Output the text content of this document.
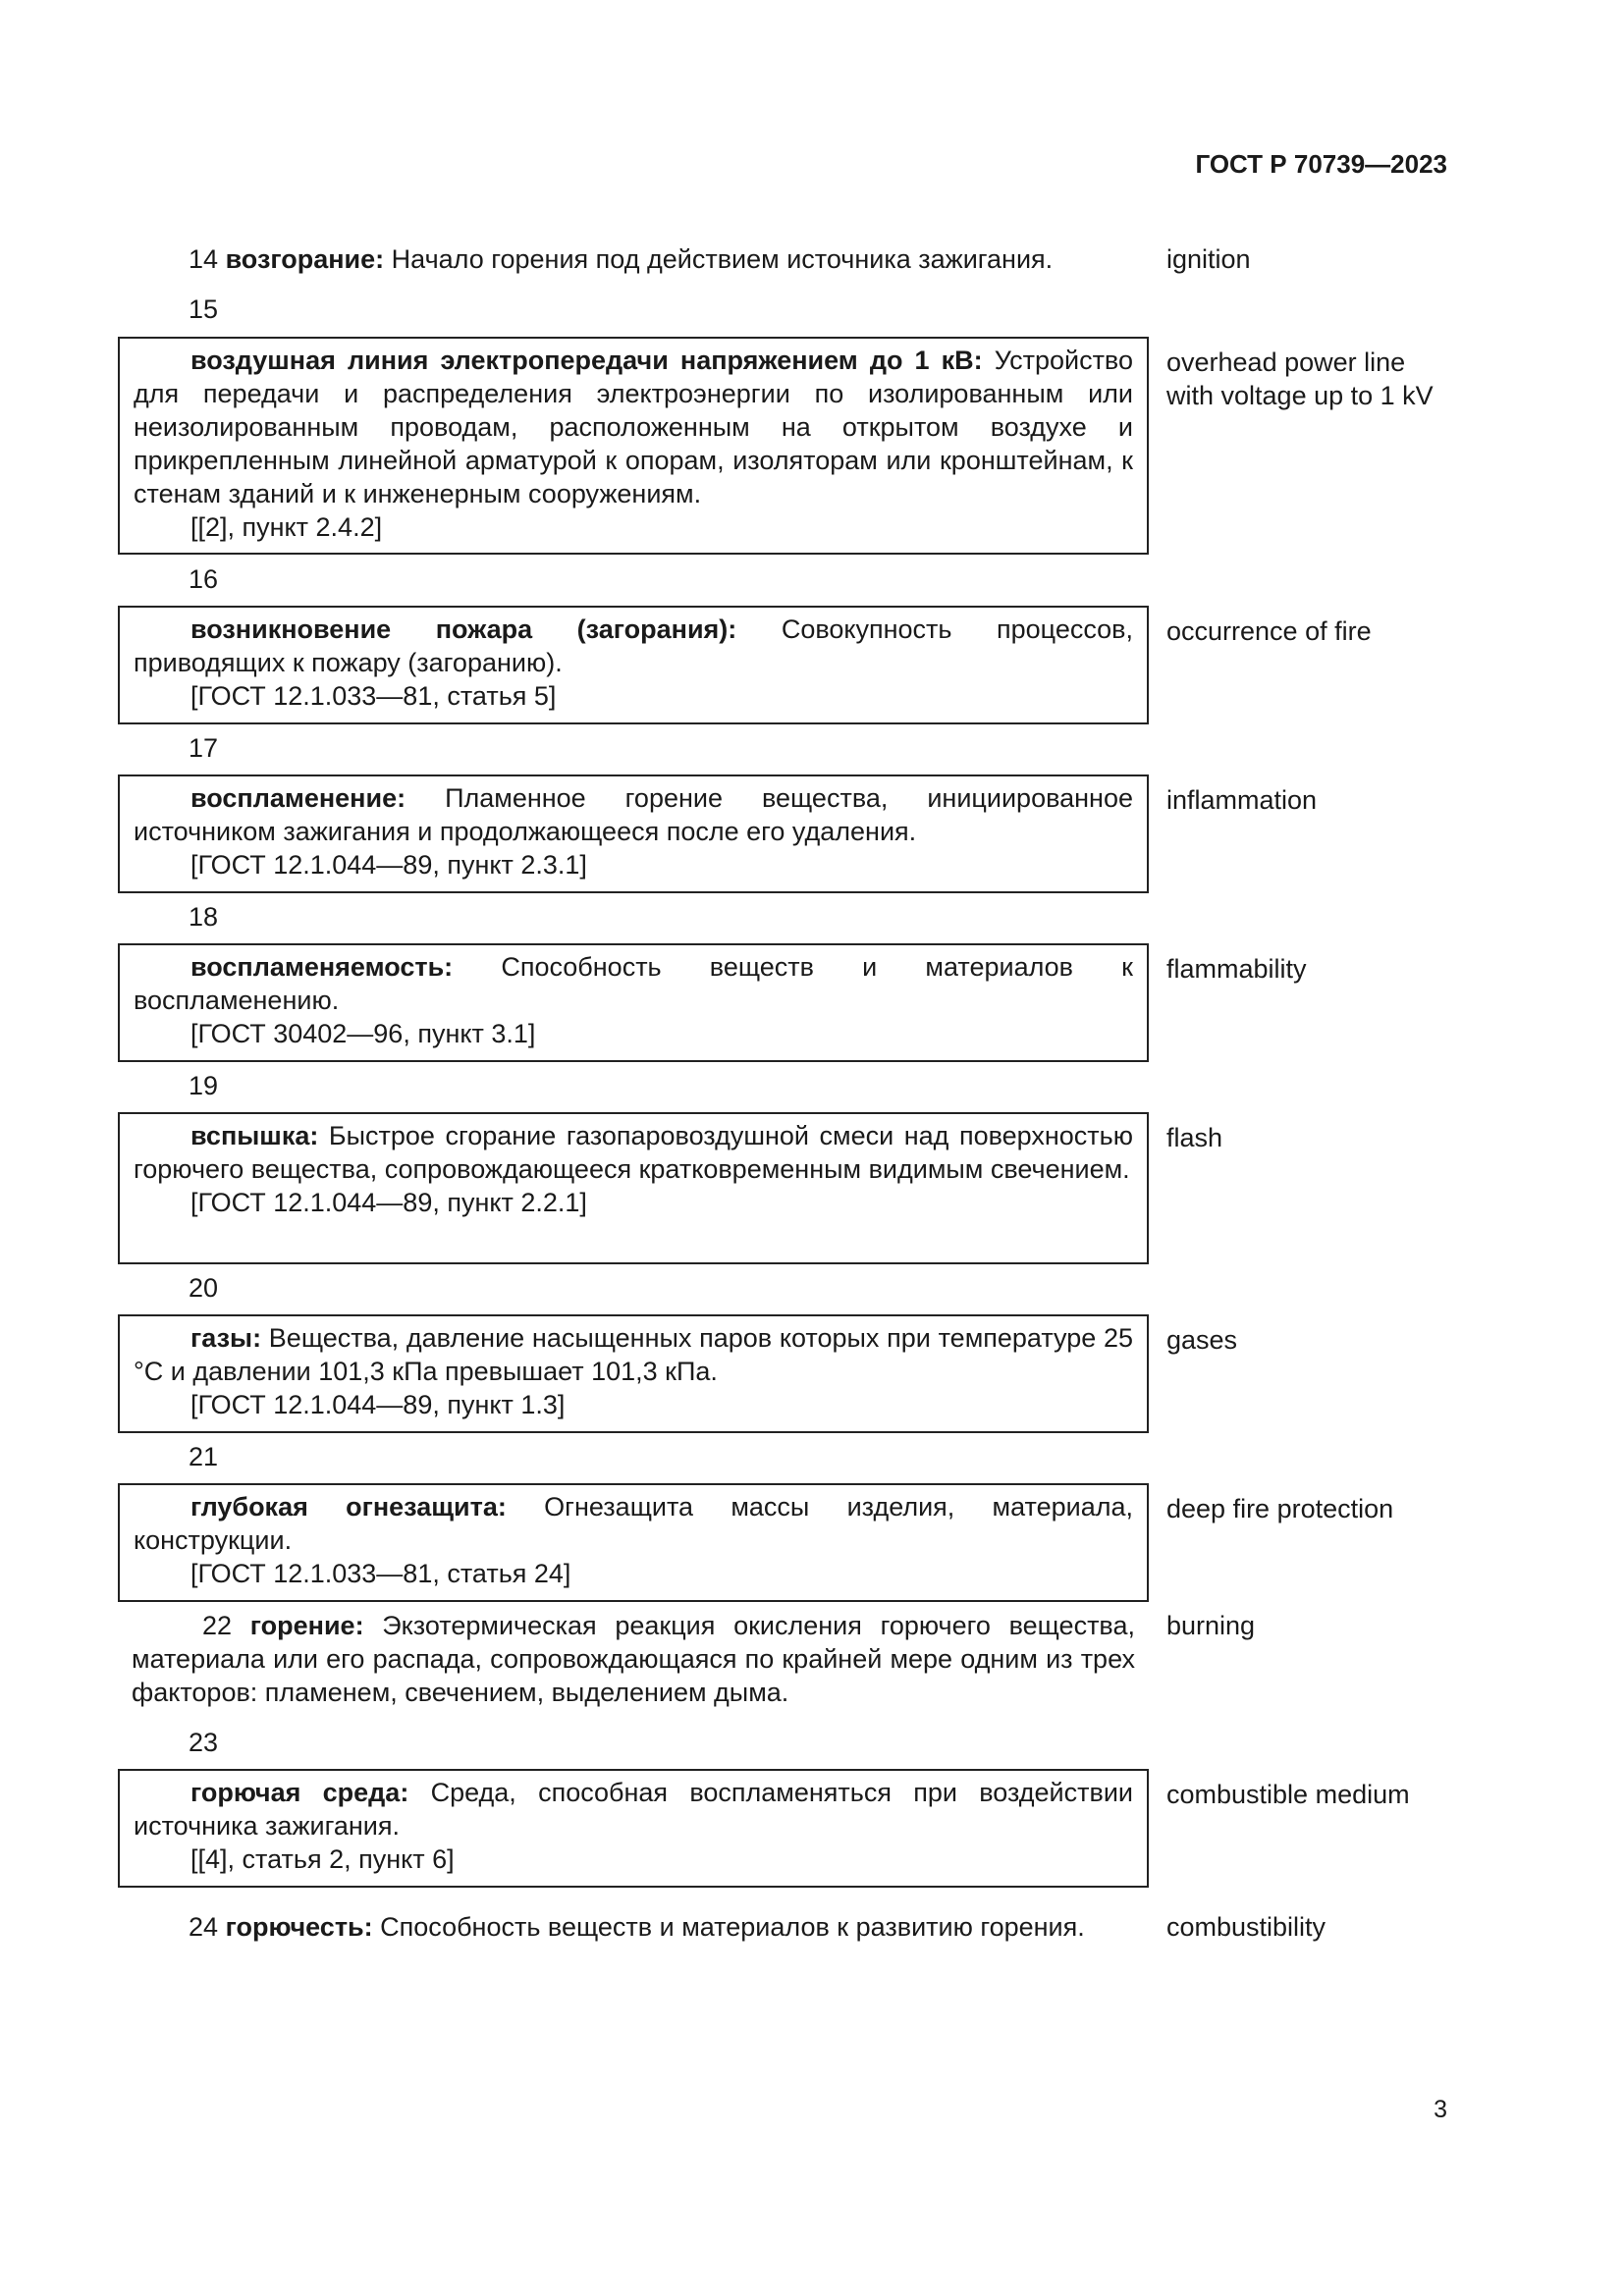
ГОСТ Р 70739—2023
14 возгорание: Начало горения под действием источника зажигания.	ignition
15
воздушная линия электропередачи напряжением до 1 кВ: Устройство для передачи и распределения электроэнергии по изолированным или неизолированным проводам, расположенным на открытом воздухе и прикрепленным линейной арматурой к опорам, изоляторам или кронштейнам, к стенам зданий и к инженерным сооружениям.
[[2], пункт 2.4.2]
overhead power line with voltage up to 1 kV
16
возникновение пожара (загорания): Совокупность процессов, приводящих к пожару (загоранию).
[ГОСТ 12.1.033—81, статья 5]
occurrence of fire
17
воспламенение: Пламенное горение вещества, инициированное источником зажигания и продолжающееся после его удаления.
[ГОСТ 12.1.044—89, пункт 2.3.1]
inflammation
18
воспламеняемость: Способность веществ и материалов к воспламенению.
[ГОСТ 30402—96, пункт 3.1]
flammability
19
вспышка: Быстрое сгорание газопаровоздушной смеси над поверхностью горючего вещества, сопровождающееся кратковременным видимым свечением.
[ГОСТ 12.1.044—89, пункт 2.2.1]
flash
20
газы: Вещества, давление насыщенных паров которых при температуре 25 °С и давлении 101,3 кПа превышает 101,3 кПа.
[ГОСТ 12.1.044—89, пункт 1.3]
gases
21
глубокая огнезащита: Огнезащита массы изделия, материала, конструкции.
[ГОСТ 12.1.033—81, статья 24]
deep fire protection
22 горение: Экзотермическая реакция окисления горючего вещества, материала или его распада, сопровождающаяся по крайней мере одним из трех факторов: пламенем, свечением, выделением дыма.
burning
23
горючая среда: Среда, способная воспламеняться при воздействии источника зажигания.
[[4], статья 2, пункт 6]
combustible medium
24 горючесть: Способность веществ и материалов к развитию горения.	combustibility
3
